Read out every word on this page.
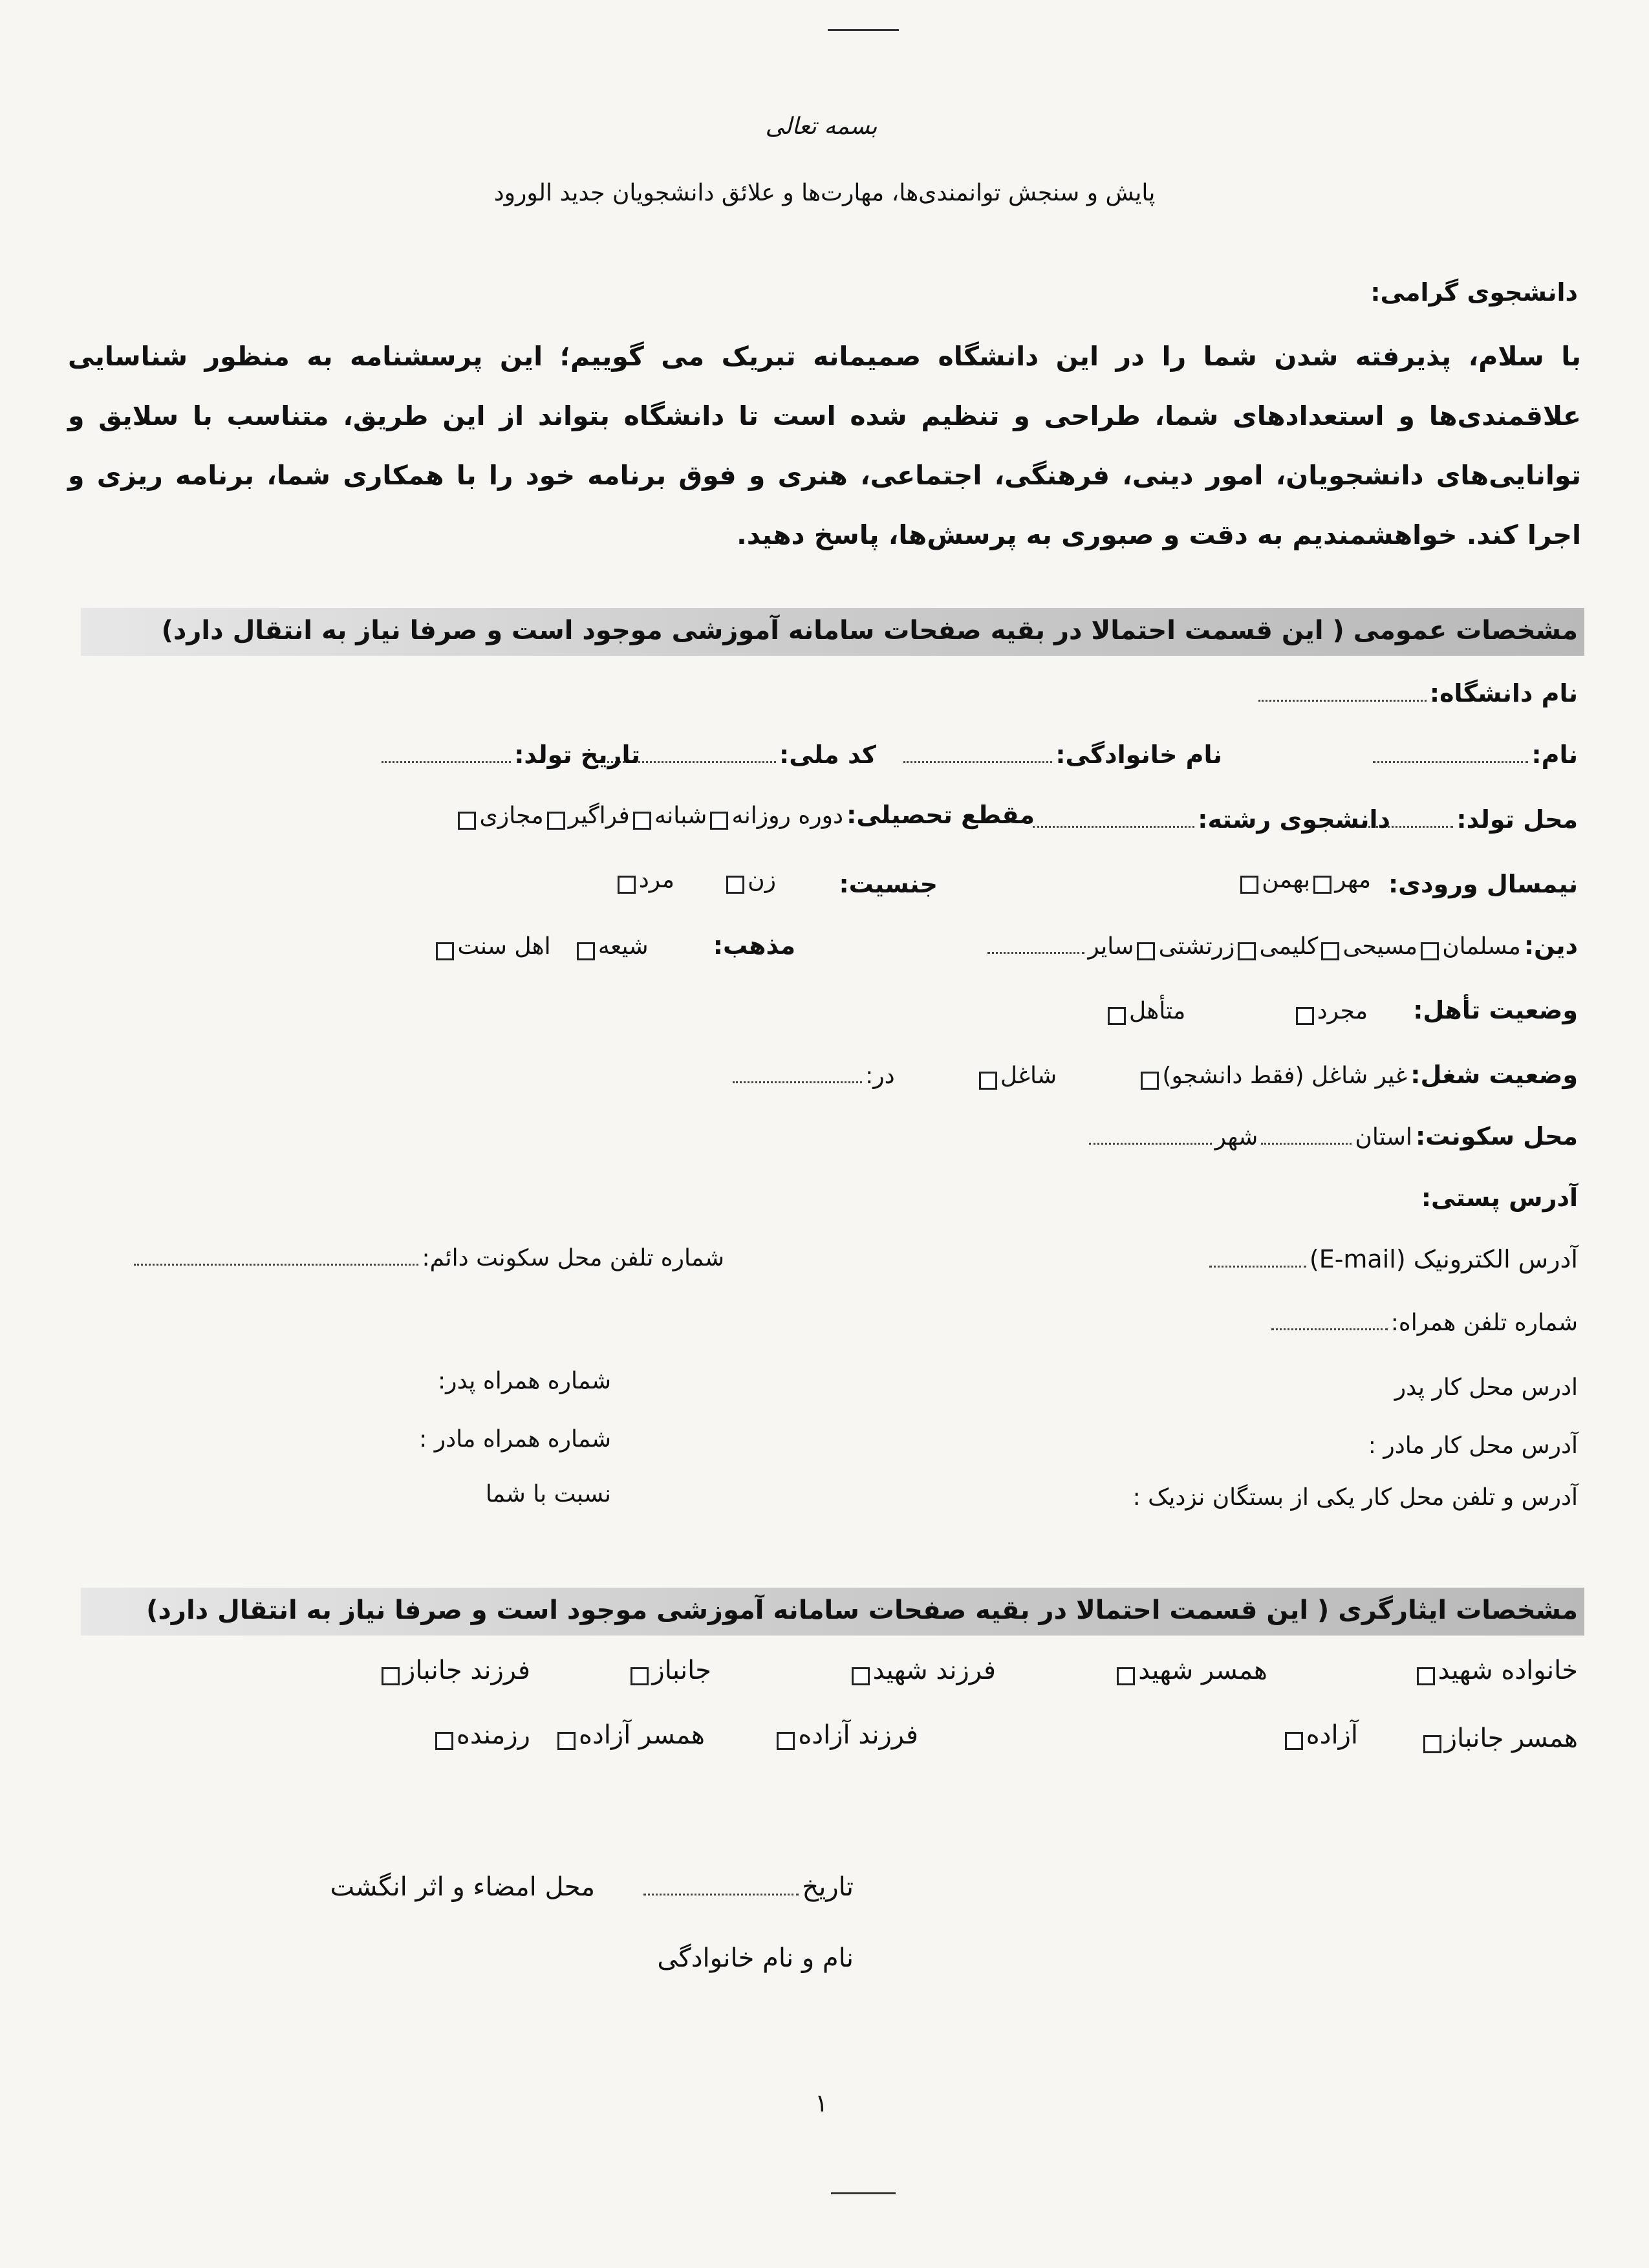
بسمه تعالی
پایش و سنجش توانمندی‌ها، مهارت‌ها و علائق دانشجویان جدید الورود
دانشجوی گرامی:
با سلام، پذیرفته شدن شما را در این دانشگاه صمیمانه تبریک می گوییم؛ این پرسشنامه به منظور شناسایی علاقمندی‌ها و استعدادهای شما، طراحی و تنظیم شده است تا دانشگاه بتواند از این طریق، متناسب با سلایق و توانایی‌های دانشجویان، امور دینی، فرهنگی، اجتماعی، هنری و فوق برنامه خود را با همکاری شما، برنامه ریزی و اجرا کند. خواهشمندیم به دقت و صبوری به پرسش‌ها، پاسخ دهید.
مشخصات عمومی ( این قسمت احتمالا در بقیه صفحات سامانه آموزشی موجود است و صرفا نیاز به انتقال دارد)
نام دانشگاه:
نام:
نام خانوادگی:
کد ملی:
تاریخ تولد:
محل تولد:
دانشجوی رشته:
مقطع تحصیلی: دوره روزانه  شبانه  فراگیر  مجازی
نیمسال ورودی:
مهر  بهمن
جنسیت:
زن   مرد
دین: مسلمان  مسیحی  کلیمی  زرتشتی  سایر
مذهب:  شیعه   اهل سنت
وضعیت تأهل:  مجرد   متأهل
وضعیت شغل: غیر شاغل (فقط دانشجو)   شاغل   در:
محل سکونت: استان  شهر
آدرس پستی:
آدرس الکترونیک (E-mail)
شماره تلفن محل سکونت دائم:
شماره تلفن همراه:
ادرس محل کار پدر
شماره همراه پدر:
آدرس محل کار مادر :
شماره همراه مادر :
آدرس و تلفن محل کار یکی از بستگان نزدیک :
نسبت با شما
مشخصات ایثارگری ( این قسمت احتمالا در بقیه صفحات سامانه آموزشی موجود است و صرفا نیاز به انتقال دارد)
خانواده شهید
همسر شهید
فرزند شهید
جانباز
فرزند جانباز
همسر جانباز
آزاده
فرزند آزاده
همسر آزاده
رزمنده
تاریخ
محل امضاء و اثر انگشت
نام و نام خانوادگی
۱
